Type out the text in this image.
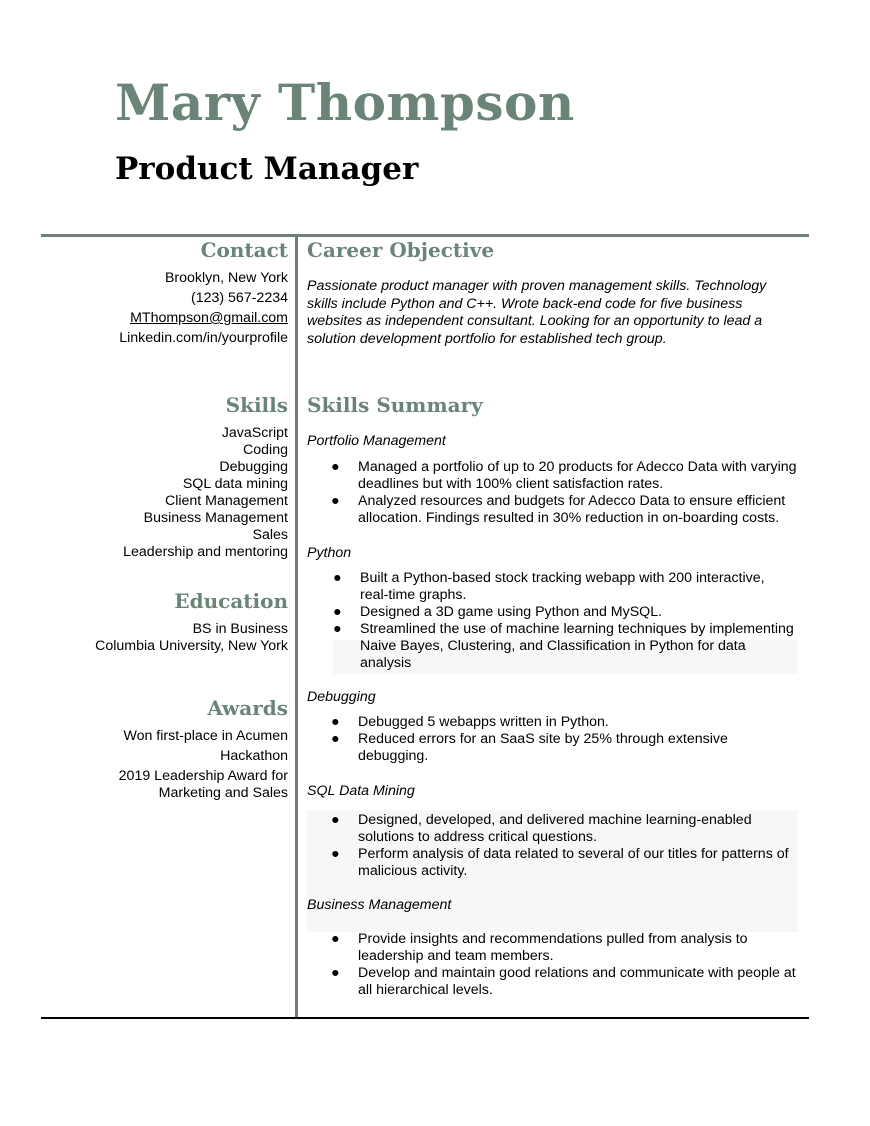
Mary Thompson
Product Manager
Contact
Brooklyn, New York
(123) 567-2234
MThompson@gmail.com
Linkedin.com/in/yourprofile
Skills
JavaScript
Coding
Debugging
SQL data mining
Client Management
Business Management
Sales
Leadership and mentoring
Education
BS in Business
Columbia University, New York
Awards
Won first-place in Acumen
Hackathon
2019 Leadership Award for
Marketing and Sales
Career Objective

Passionate product manager with proven management skills. Technology skills include Python and C++. Wrote back-end code for five business websites as independent consultant. Looking for an opportunity to lead a solution development portfolio for established tech group.

Skills Summary

Portfolio Management

● Managed a portfolio of up to 20 products for Adecco Data with varying
deadlines but with 100% client satisfaction rates.
● Analyzed resources and budgets for Adecco Data to ensure efficient
allocation. Findings resulted in 30% reduction in on-boarding costs.

Python

● Built a Python-based stock tracking webapp with 200 interactive,
real-time graphs.
● Designed a 3D game using Python and MySQL.
● Streamlined the use of machine learning techniques by implementing
Naive Bayes, Clustering, and Classification in Python for data
analysis

Debugging

● Debugged 5 webapps written in Python.
● Reduced errors for an SaaS site by 25% through extensive
debugging.

SQL Data Mining

● Designed, developed, and delivered machine learning-enabled
solutions to address critical questions.
● Perform analysis of data related to several of our titles for patterns of
malicious activity.

Business Management

● Provide insights and recommendations pulled from analysis to
leadership and team members.
● Develop and maintain good relations and communicate with people at
all hierarchical levels.
